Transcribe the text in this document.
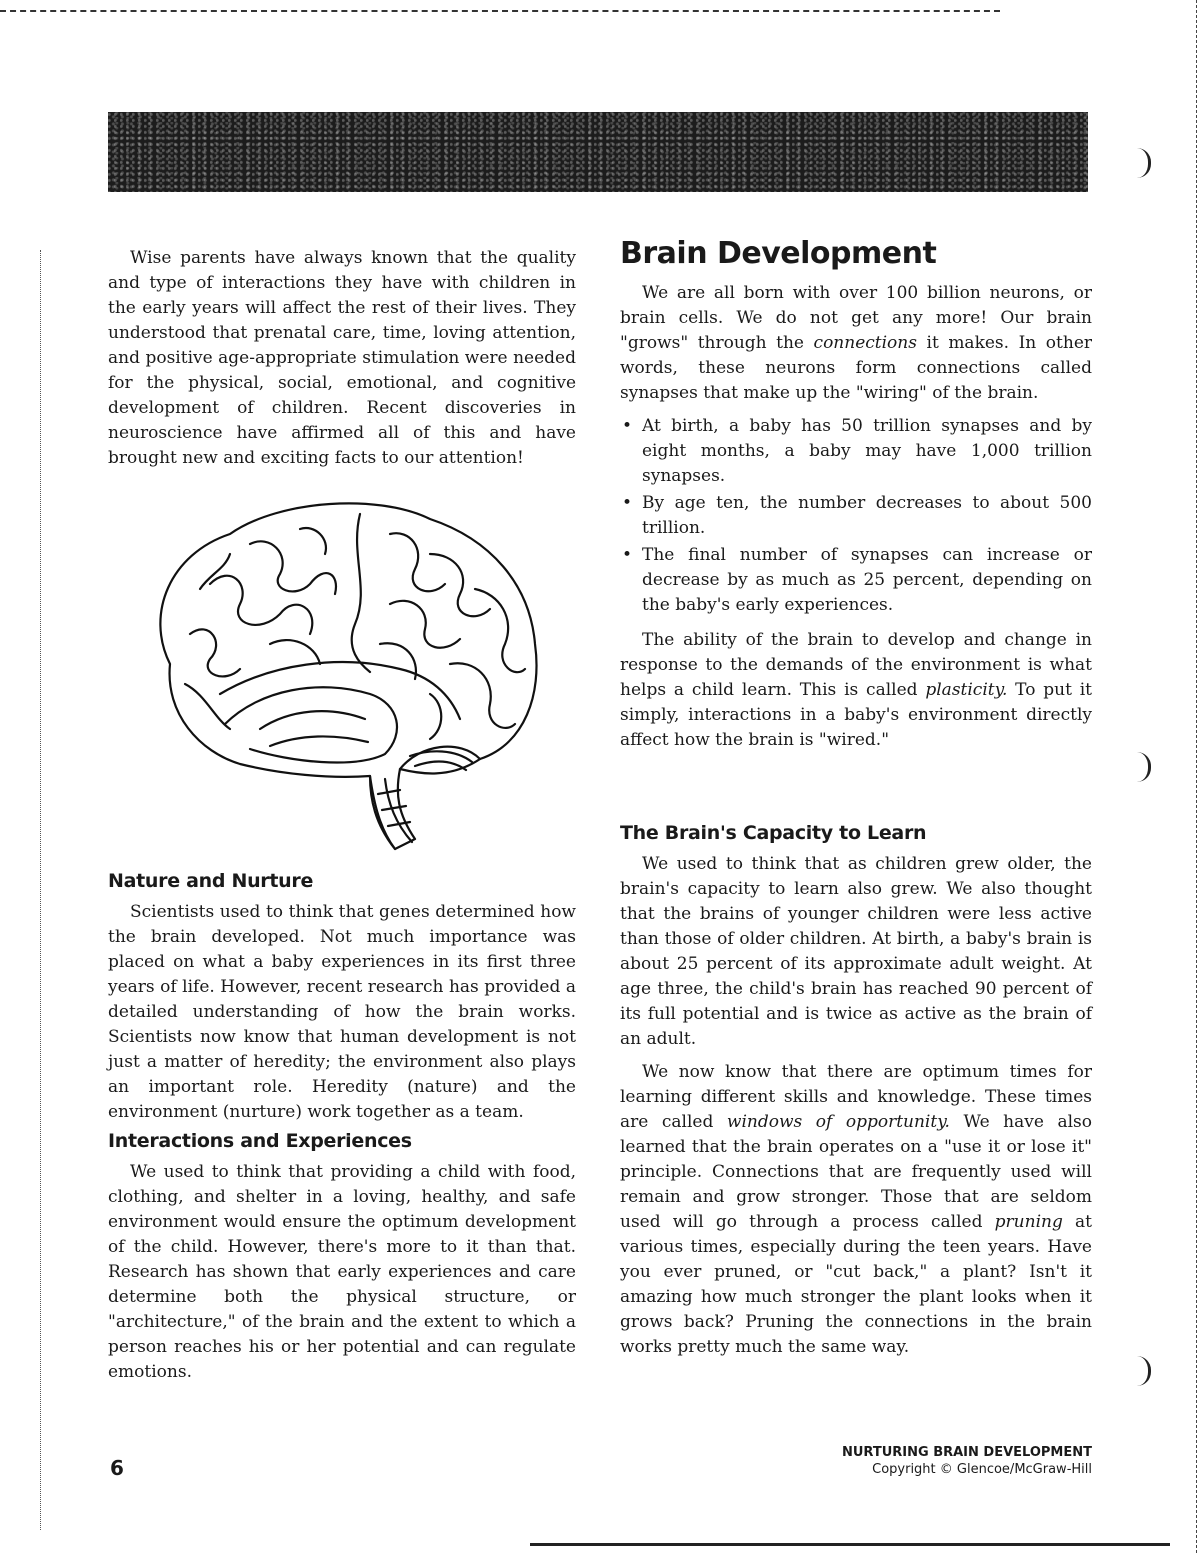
Wise parents have always known that the quality and type of interactions they have with children in the early years will affect the rest of their lives. They understood that prenatal care, time, loving attention, and positive age-appropriate stimulation were needed for the physical, social, emotional, and cognitive development of children. Recent discoveries in neuroscience have affirmed all of this and have brought new and exciting facts to our attention!

Nature and Nurture

Scientists used to think that genes determined how the brain developed. Not much importance was placed on what a baby experiences in its first three years of life. However, recent research has provided a detailed understanding of how the brain works. Scientists now know that human development is not just a matter of heredity; the environment also plays an important role. Heredity (nature) and the environment (nurture) work together as a team.

Interactions and Experiences

We used to think that providing a child with food, clothing, and shelter in a loving, healthy, and safe environment would ensure the optimum development of the child. However, there's more to it than that. Research has shown that early experiences and care determine both the physical structure, or "architecture," of the brain and the extent to which a person reaches his or her potential and can regulate emotions.

Brain Development

We are all born with over 100 billion neurons, or brain cells. We do not get any more! Our brain "grows" through the connections it makes. In other words, these neurons form connections called synapses that make up the "wiring" of the brain.

• At birth, a baby has 50 trillion synapses and by eight months, a baby may have 1,000 trillion synapses.
• By age ten, the number decreases to about 500 trillion.
• The final number of synapses can increase or decrease by as much as 25 percent, depending on the baby's early experiences.

The ability of the brain to develop and change in response to the demands of the environment is what helps a child learn. This is called plasticity. To put it simply, interactions in a baby's environment directly affect how the brain is "wired."

The Brain's Capacity to Learn

We used to think that as children grew older, the brain's capacity to learn also grew. We also thought that the brains of younger children were less active than those of older children. At birth, a baby's brain is about 25 percent of its approximate adult weight. At age three, the child's brain has reached 90 percent of its full potential and is twice as active as the brain of an adult.

We now know that there are optimum times for learning different skills and knowledge. These times are called windows of opportunity. We have also learned that the brain operates on a "use it or lose it" principle. Connections that are frequently used will remain and grow stronger. Those that are seldom used will go through a process called pruning at various times, especially during the teen years. Have you ever pruned, or "cut back," a plant? Isn't it amazing how much stronger the plant looks when it grows back? Pruning the connections in the brain works pretty much the same way.

6
NURTURING BRAIN DEVELOPMENT
Copyright © Glencoe/McGraw-Hill
